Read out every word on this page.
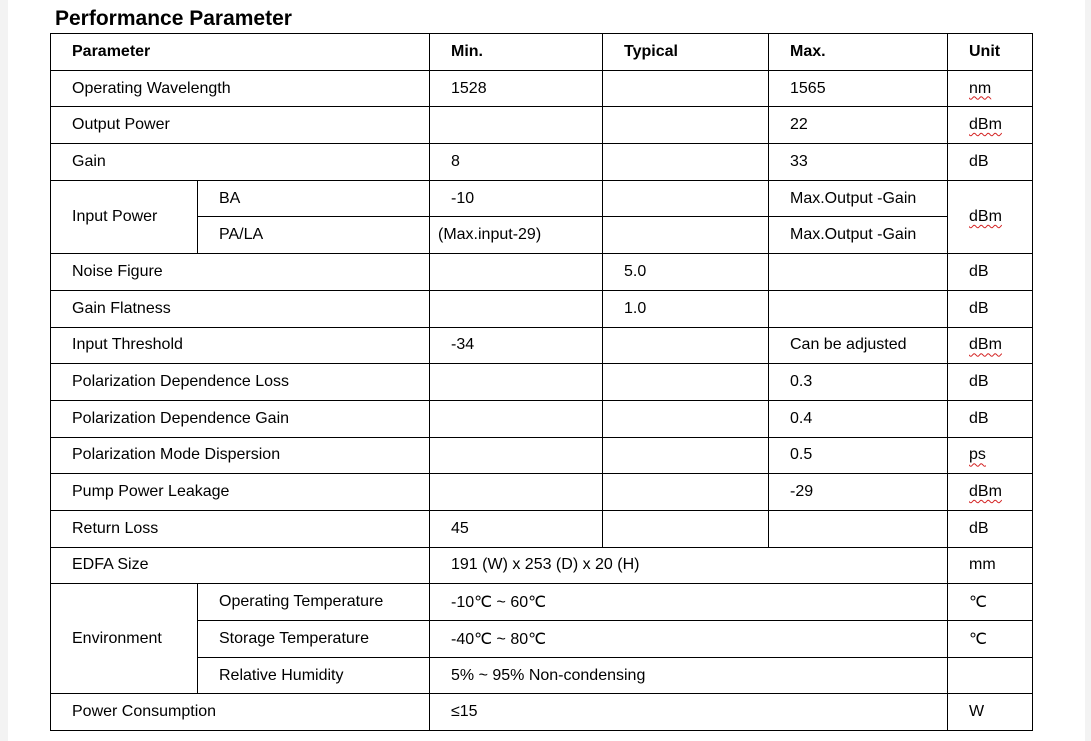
Performance Parameter
Parameter		Min.	Typical	Max.	Unit
Operating Wavelength		1528		1565	nm
Output Power				22	dBm
Gain		8		33	dB
Input Power	BA	-10		Max.Output -Gain	dBm
	PA/LA	(Max.input-29)		Max.Output -Gain	
Noise Figure			5.0		dB
Gain Flatness			1.0		dB
Input Threshold		-34		Can be adjusted	dBm
Polarization Dependence Loss				0.3	dB
Polarization Dependence Gain				0.4	dB
Polarization Mode Dispersion				0.5	ps
Pump Power Leakage				-29	dBm
Return Loss		45			dB
EDFA Size		191 (W) x 253 (D) x 20 (H)			mm
Environment	Operating Temperature	-10℃ ~ 60℃			℃
	Storage Temperature	-40℃ ~ 80℃			℃
	Relative Humidity	5% ~ 95% Non-condensing			
Power Consumption		≤15			W
